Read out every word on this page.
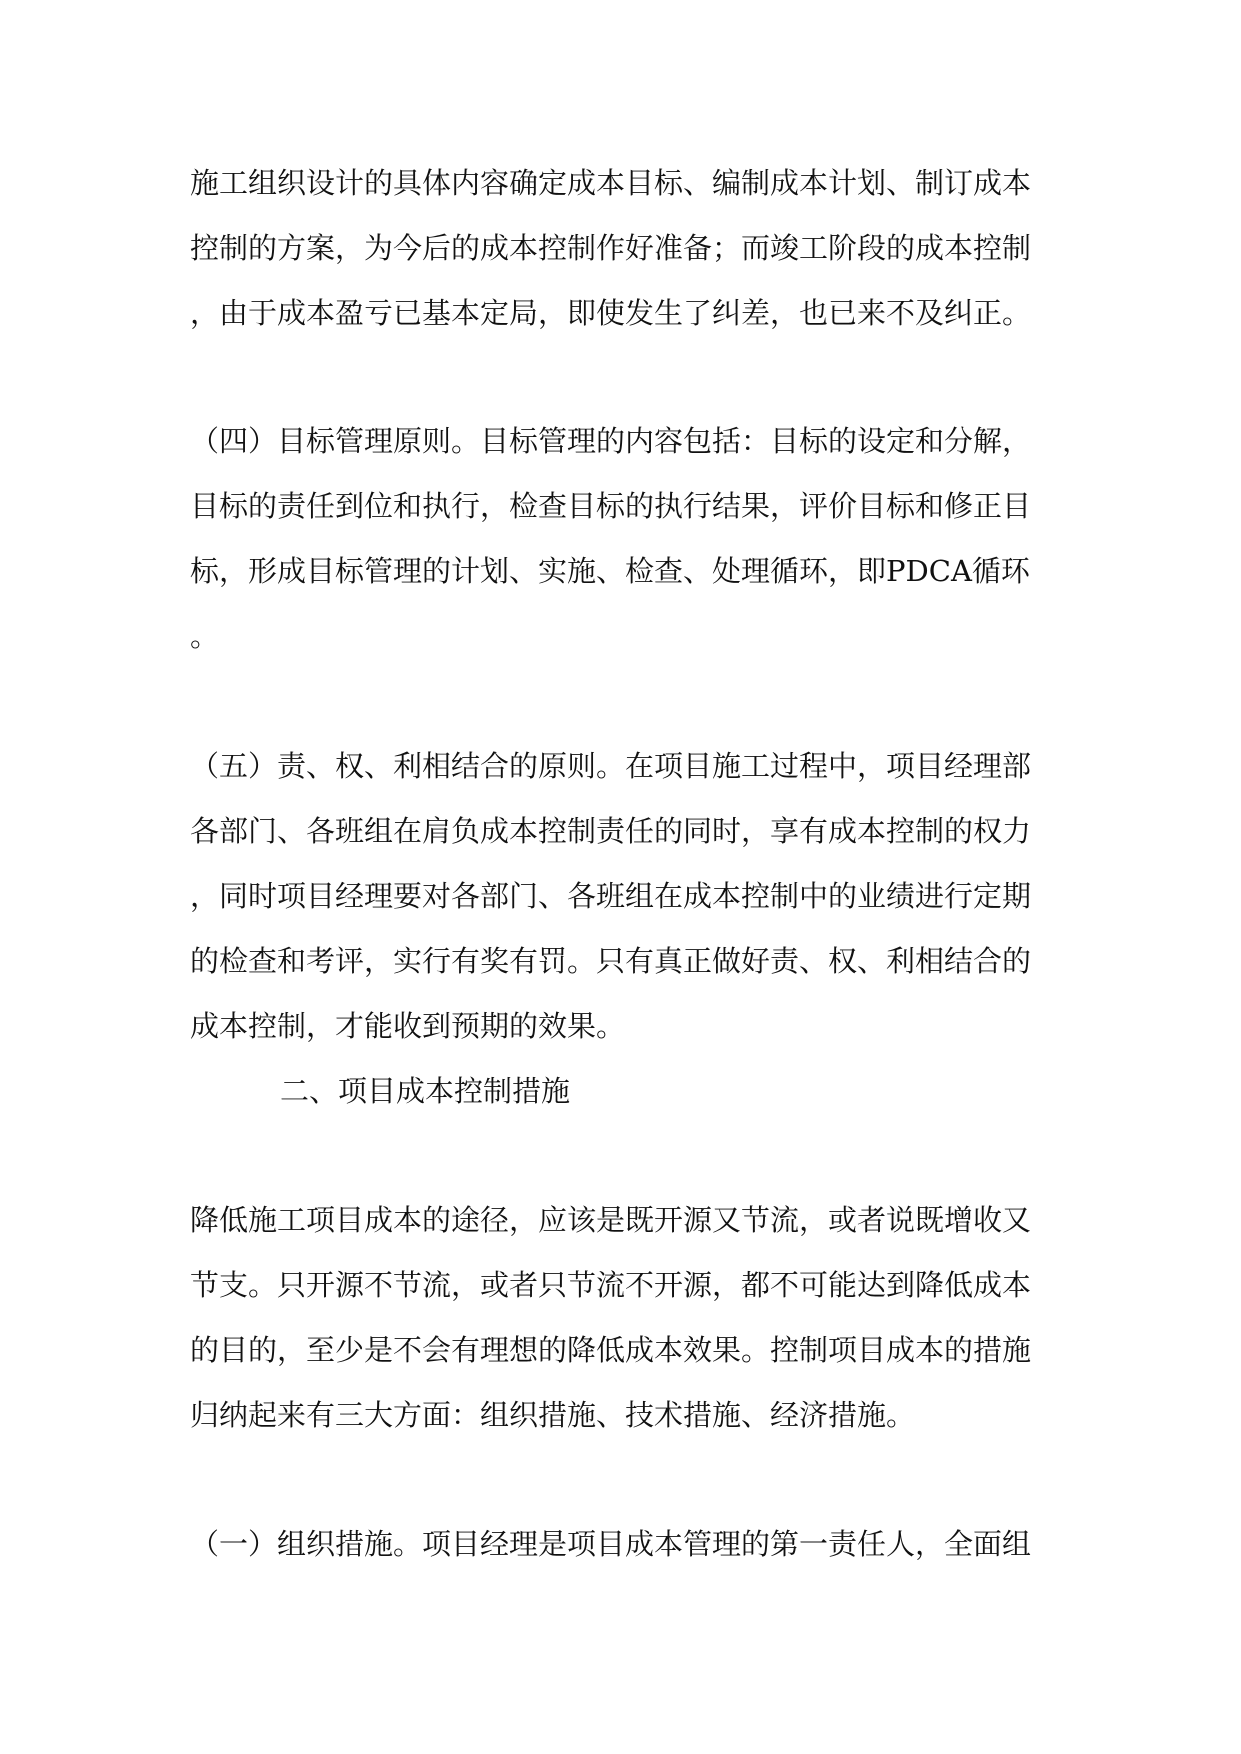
施工组织设计的具体内容确定成本目标、编制成本计划、制订成本
控制的方案，为今后的成本控制作好准备；而竣工阶段的成本控制
，由于成本盈亏已基本定局，即使发生了纠差，也已来不及纠正。
（四）目标管理原则。目标管理的内容包括：目标的设定和分解，
目标的责任到位和执行，检查目标的执行结果，评价目标和修正目
标，形成目标管理的计划、实施、检查、处理循环，即PDCA循环
。
（五）责、权、利相结合的原则。在项目施工过程中，项目经理部
各部门、各班组在肩负成本控制责任的同时，享有成本控制的权力
，同时项目经理要对各部门、各班组在成本控制中的业绩进行定期
的检查和考评，实行有奖有罚。只有真正做好责、权、利相结合的
成本控制，才能收到预期的效果。
二、项目成本控制措施
降低施工项目成本的途径，应该是既开源又节流，或者说既增收又
节支。只开源不节流，或者只节流不开源，都不可能达到降低成本
的目的，至少是不会有理想的降低成本效果。控制项目成本的措施
归纳起来有三大方面：组织措施、技术措施、经济措施。
（一）组织措施。项目经理是项目成本管理的第一责任人，全面组
